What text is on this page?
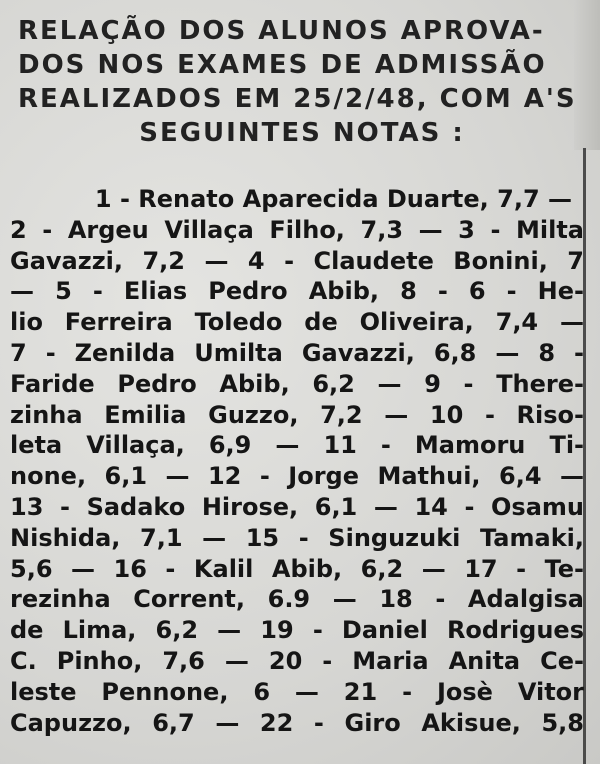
RELAÇÃO DOS ALUNOS APROVA-
DOS NOS EXAMES DE ADMISSÃO
REALIZADOS EM 25/2/48, COM A'S
SEGUINTES NOTAS :
1 - Renato Aparecida Duarte, 7,7 —
2 - Argeu Villaça Filho, 7,3 — 3 - Milta
Gavazzi, 7,2 — 4 - Claudete Bonini, 7
— 5 - Elias Pedro Abib, 8 - 6 - He-
lio Ferreira Toledo de Oliveira, 7,4 —
7 - Zenilda Umilta Gavazzi, 6,8 — 8 -
Faride Pedro Abib, 6,2 — 9 - There-
zinha Emilia Guzzo, 7,2 — 10 - Riso-
leta Villaça, 6,9 — 11 - Mamoru Ti-
none, 6,1 — 12 - Jorge Mathui, 6,4 —
13 - Sadako Hirose, 6,1 — 14 - Osamu
Nishida, 7,1 — 15 - Singuzuki Tamaki,
5,6 — 16 - Kalil Abib, 6,2 — 17 - Te-
rezinha Corrent, 6.9 — 18 - Adalgisa
de Lima, 6,2 — 19 - Daniel Rodrigues
C. Pinho, 7,6 — 20 - Maria Anita Ce-
leste Pennone, 6 — 21 - Josè Vitor
Capuzzo, 6,7 — 22 - Giro Akisue, 5,8
